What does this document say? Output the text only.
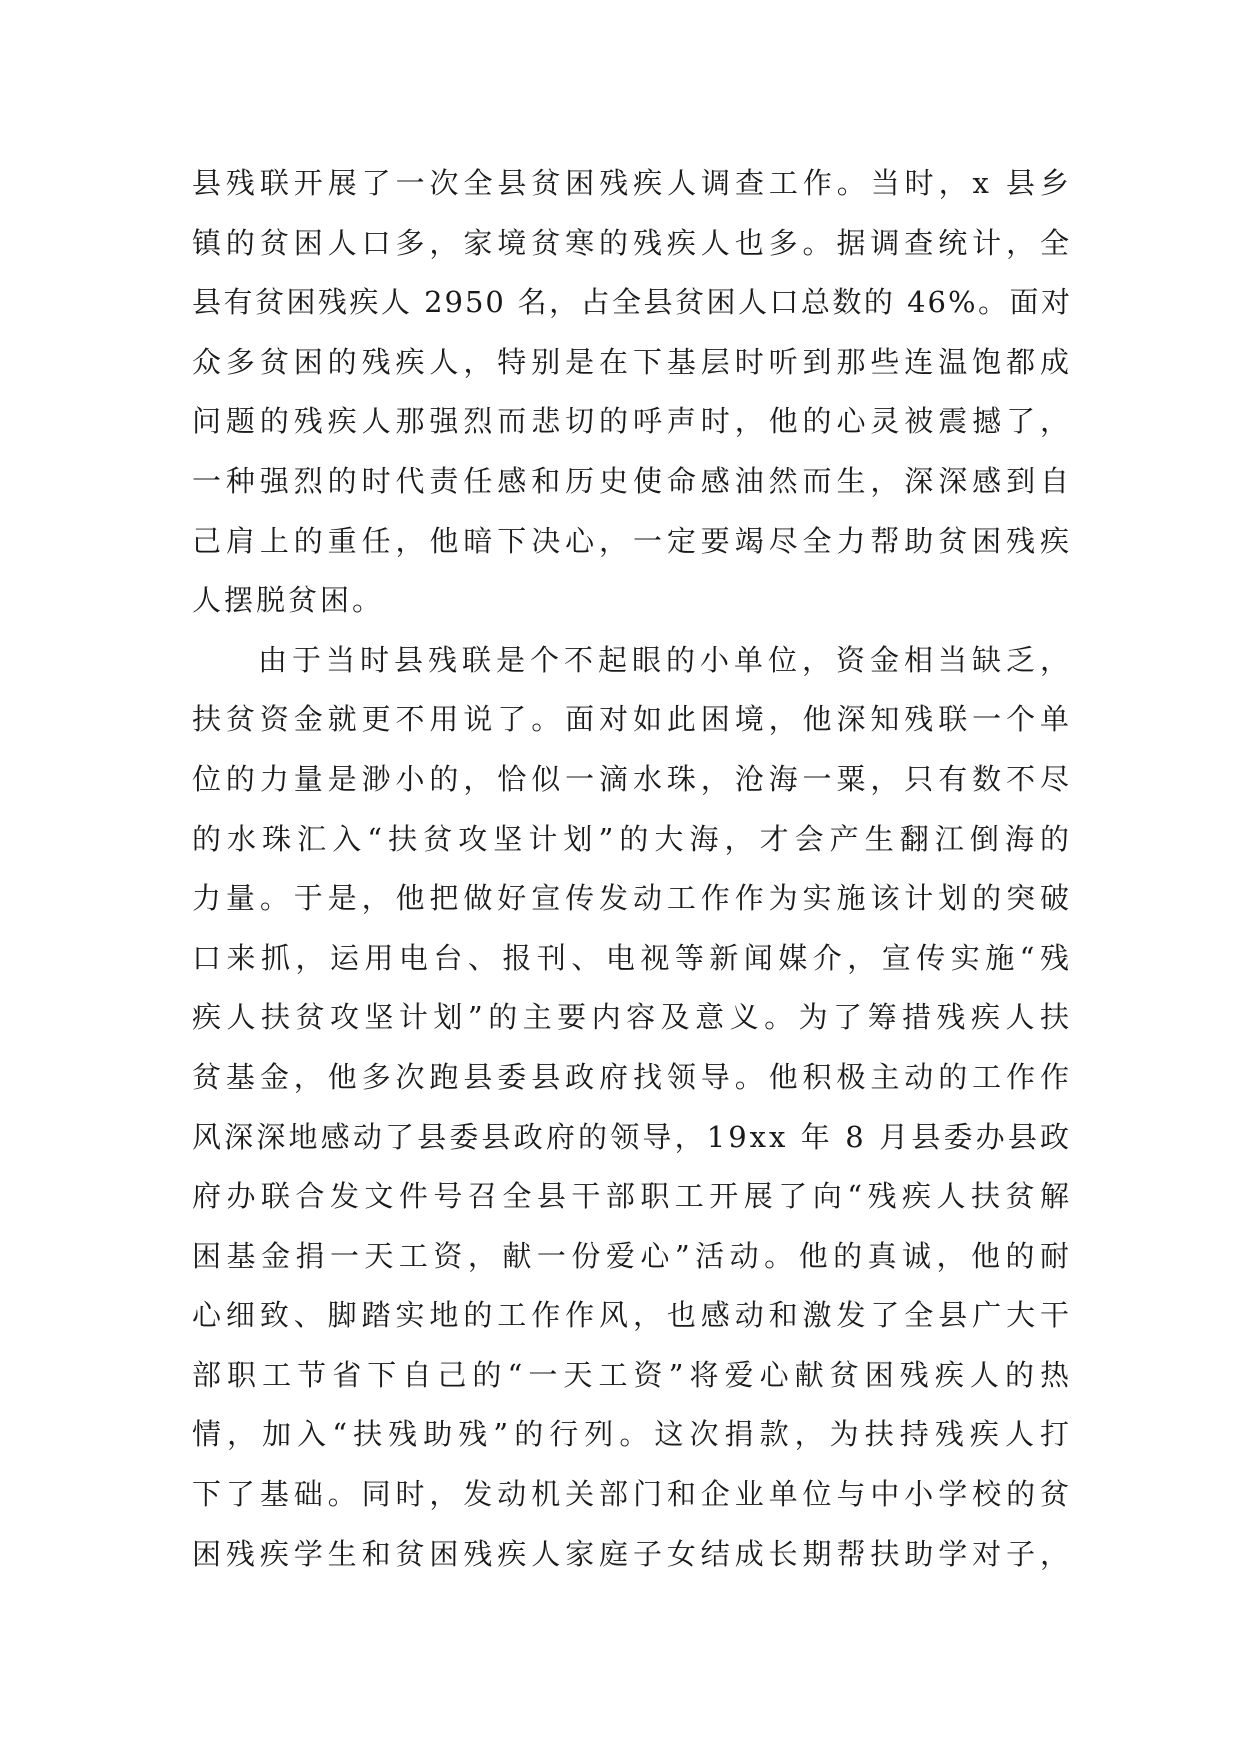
县残联开展了一次全县贫困残疾人调查工作。当时，x 县乡
镇的贫困人口多，家境贫寒的残疾人也多。据调查统计，全
县有贫困残疾人 2950 名，占全县贫困人口总数的 46%。面对
众多贫困的残疾人，特别是在下基层时听到那些连温饱都成
问题的残疾人那强烈而悲切的呼声时，他的心灵被震撼了，
一种强烈的时代责任感和历史使命感油然而生，深深感到自
己肩上的重任，他暗下决心，一定要竭尽全力帮助贫困残疾
人摆脱贫困。
由于当时县残联是个不起眼的小单位，资金相当缺乏，
扶贫资金就更不用说了。面对如此困境，他深知残联一个单
位的力量是渺小的，恰似一滴水珠，沧海一粟，只有数不尽
的水珠汇入“扶贫攻坚计划”的大海，才会产生翻江倒海的
力量。于是，他把做好宣传发动工作作为实施该计划的突破
口来抓，运用电台、报刊、电视等新闻媒介，宣传实施“残
疾人扶贫攻坚计划”的主要内容及意义。为了筹措残疾人扶
贫基金，他多次跑县委县政府找领导。他积极主动的工作作
风深深地感动了县委县政府的领导，19xx 年 8 月县委办县政
府办联合发文件号召全县干部职工开展了向“残疾人扶贫解
困基金捐一天工资，献一份爱心”活动。他的真诚，他的耐
心细致、脚踏实地的工作作风，也感动和激发了全县广大干
部职工节省下自己的“一天工资”将爱心献贫困残疾人的热
情，加入“扶残助残”的行列。这次捐款，为扶持残疾人打
下了基础。同时，发动机关部门和企业单位与中小学校的贫
困残疾学生和贫困残疾人家庭子女结成长期帮扶助学对子，
